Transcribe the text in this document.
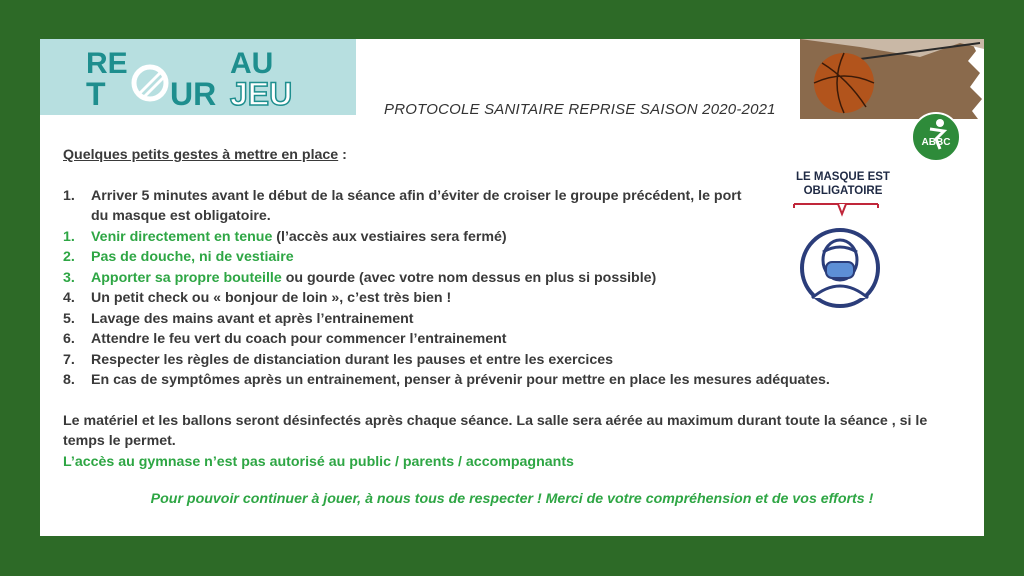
RE	AU
T UR JEU	PROTOCOLE SANITAIRE REPRISE SAISON 2020-2021
ABBC
LE MASQUE EST
OBLIGATOIRE
Quelques petits gestes à mettre en place :
1.	Arriver 5 minutes avant le début de la séance afin d’éviter de croiser le groupe précédent, le port
du masque est obligatoire.
1.	Venir directement en tenue (l’accès aux vestiaires sera fermé)
2.	Pas de douche, ni de vestiaire
3.	Apporter sa propre bouteille ou gourde (avec votre nom dessus en plus si possible)
4.	Un petit check ou « bonjour de loin », c’est très bien !
5.	Lavage des mains avant et après l’entrainement
6.	Attendre le feu vert du coach pour commencer l’entrainement
7.	Respecter les règles de distanciation durant les pauses et entre les exercices
8.	En cas de symptômes après un entrainement, penser à prévenir pour mettre en place les mesures adéquates.
Le matériel et les ballons seront désinfectés après chaque séance. La salle sera aérée au maximum durant toute la séance , si le temps le permet.
L’accès au gymnase n’est pas autorisé au public / parents / accompagnants
Pour pouvoir continuer à jouer, à nous tous de respecter ! Merci de votre compréhension et de vos efforts !
